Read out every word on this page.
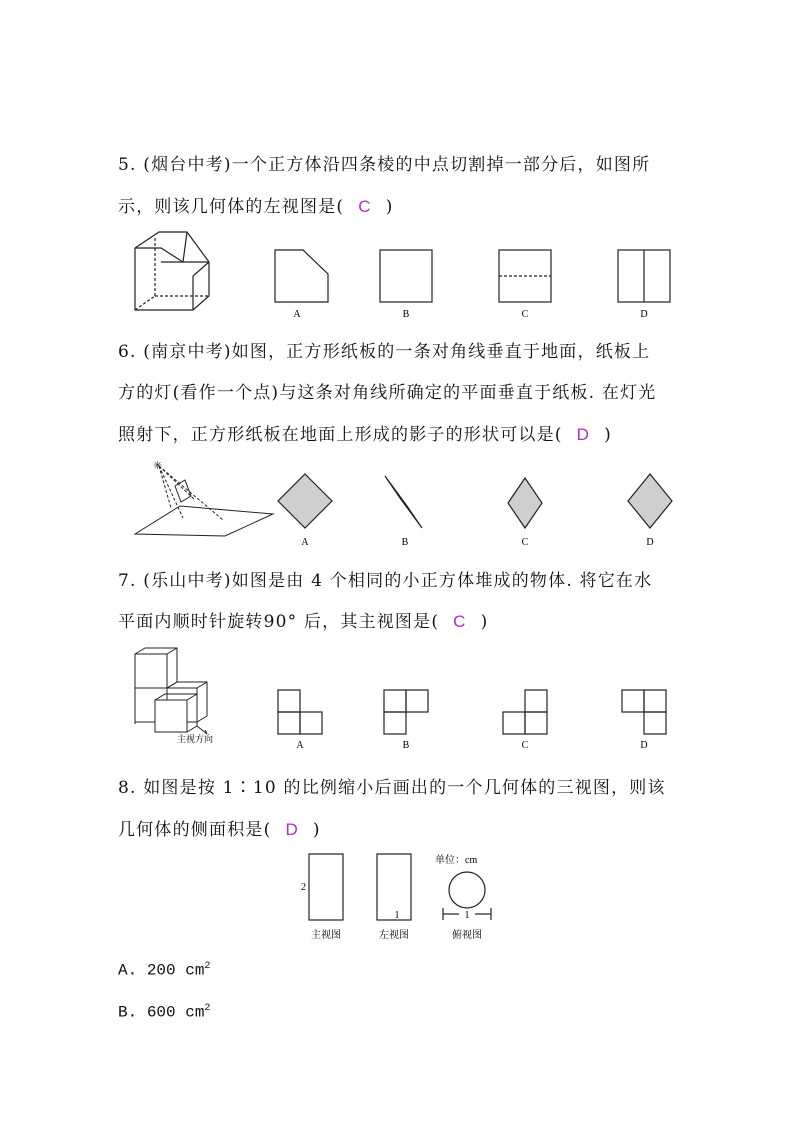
5. (烟台中考)一个正方体沿四条棱的中点切割掉一部分后，如图所
示，则该几何体的左视图是( C )
A	B	C	D
6. (南京中考)如图，正方形纸板的一条对角线垂直于地面，纸板上
方的灯(看作一个点)与这条对角线所确定的平面垂直于纸板. 在灯光
照射下，正方形纸板在地面上形成的影子的形状可以是( D )
✳
A	B	C	D
7. (乐山中考)如图是由 4 个相同的小正方体堆成的物体. 将它在水
平面内顺时针旋转90° 后，其主视图是( C )
主视方向
A	B	C	D
8. 如图是按 1∶10 的比例缩小后画出的一个几何体的三视图，则该
几何体的侧面积是( D )
2
1	1
单位：cm
主视图	左视图	俯视图
A. 200 $cm^2$
B. 600 $cm^2$
